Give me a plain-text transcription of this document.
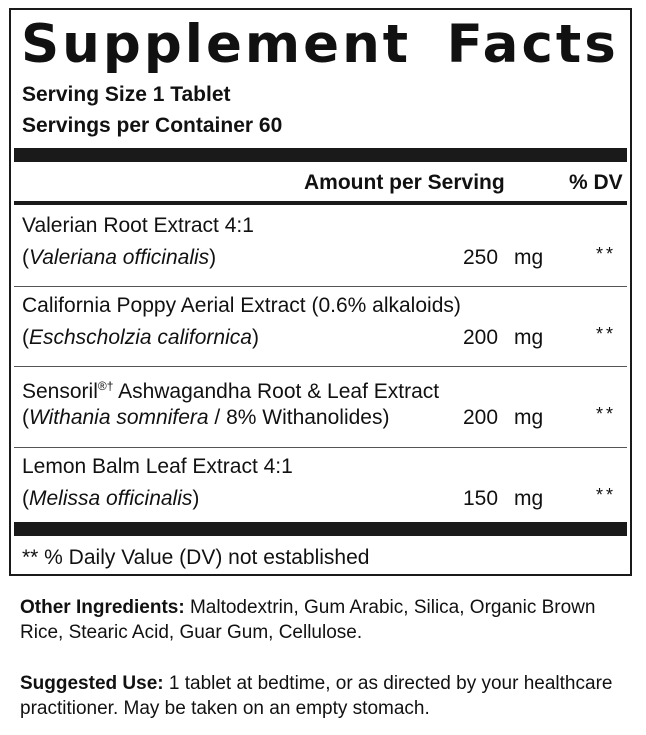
Supplement Facts
Serving Size 1 Tablet
Servings per Container 60
Amount per Serving	% DV
Valerian Root Extract 4:1
(Valeriana officinalis)	250 mg	**
California Poppy Aerial Extract (0.6% alkaloids)
(Eschscholzia californica)	200 mg	**
Sensoril®† Ashwagandha Root & Leaf Extract
(Withania somnifera / 8% Withanolides)	200 mg	**
Lemon Balm Leaf Extract 4:1
(Melissa officinalis)	150 mg	**
** % Daily Value (DV) not established
Other Ingredients: Maltodextrin, Gum Arabic, Silica, Organic Brown Rice, Stearic Acid, Guar Gum, Cellulose.
Suggested Use: 1 tablet at bedtime, or as directed by your healthcare practitioner. May be taken on an empty stomach.
